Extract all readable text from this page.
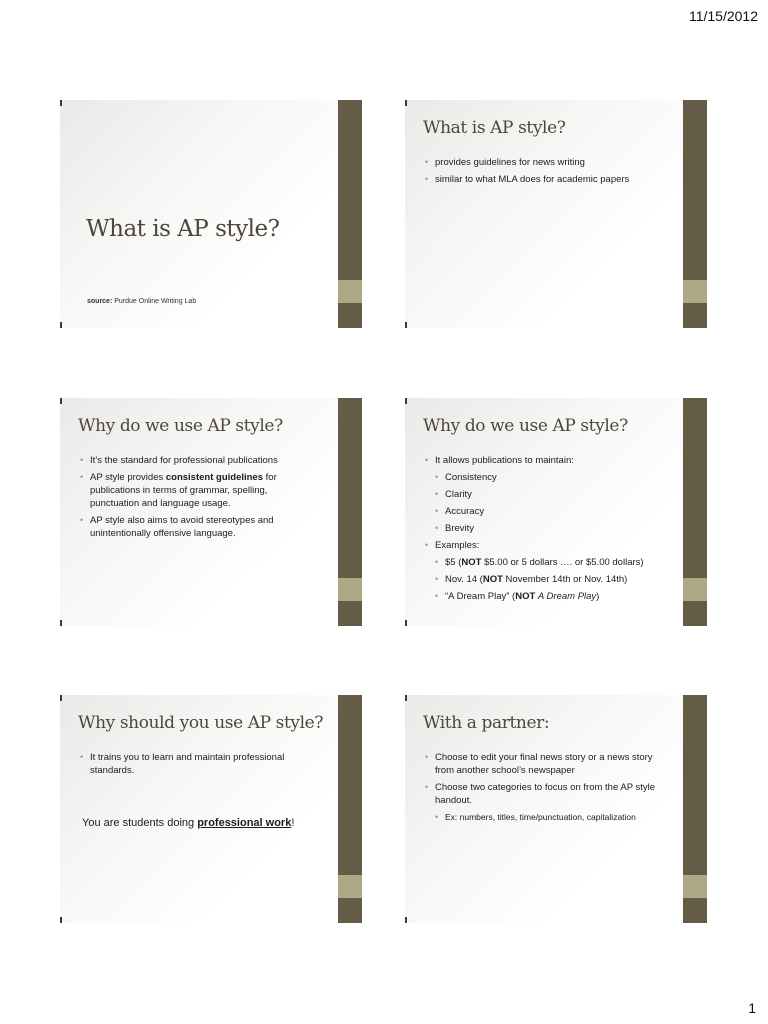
11/15/2012
What is AP style?
source: Purdue Online Writing Lab
What is AP style?
• provides guidelines for news writing
• similar to what MLA does for academic papers
Why do we use AP style?
• It’s the standard for professional publications
• AP style provides consistent guidelines for publications in terms of grammar, spelling, punctuation and language usage.
• AP style also aims to avoid stereotypes and unintentionally offensive language.
Why do we use AP style?
• It allows publications to maintain:
• Consistency
• Clarity
• Accuracy
• Brevity
• Examples:
• $5 (NOT $5.00 or 5 dollars …. or $5.00 dollars)
• Nov. 14 (NOT November 14th or Nov. 14th)
• “A Dream Play” (NOT A Dream Play)
Why should you use AP style?
• It trains you to learn and maintain professional standards.
You are students doing professional work!
With a partner:
• Choose to edit your final news story or a news story from another school’s newspaper
• Choose two categories to focus on from the AP style handout.
• Ex: numbers, titles, time/punctuation, capitalization
1
